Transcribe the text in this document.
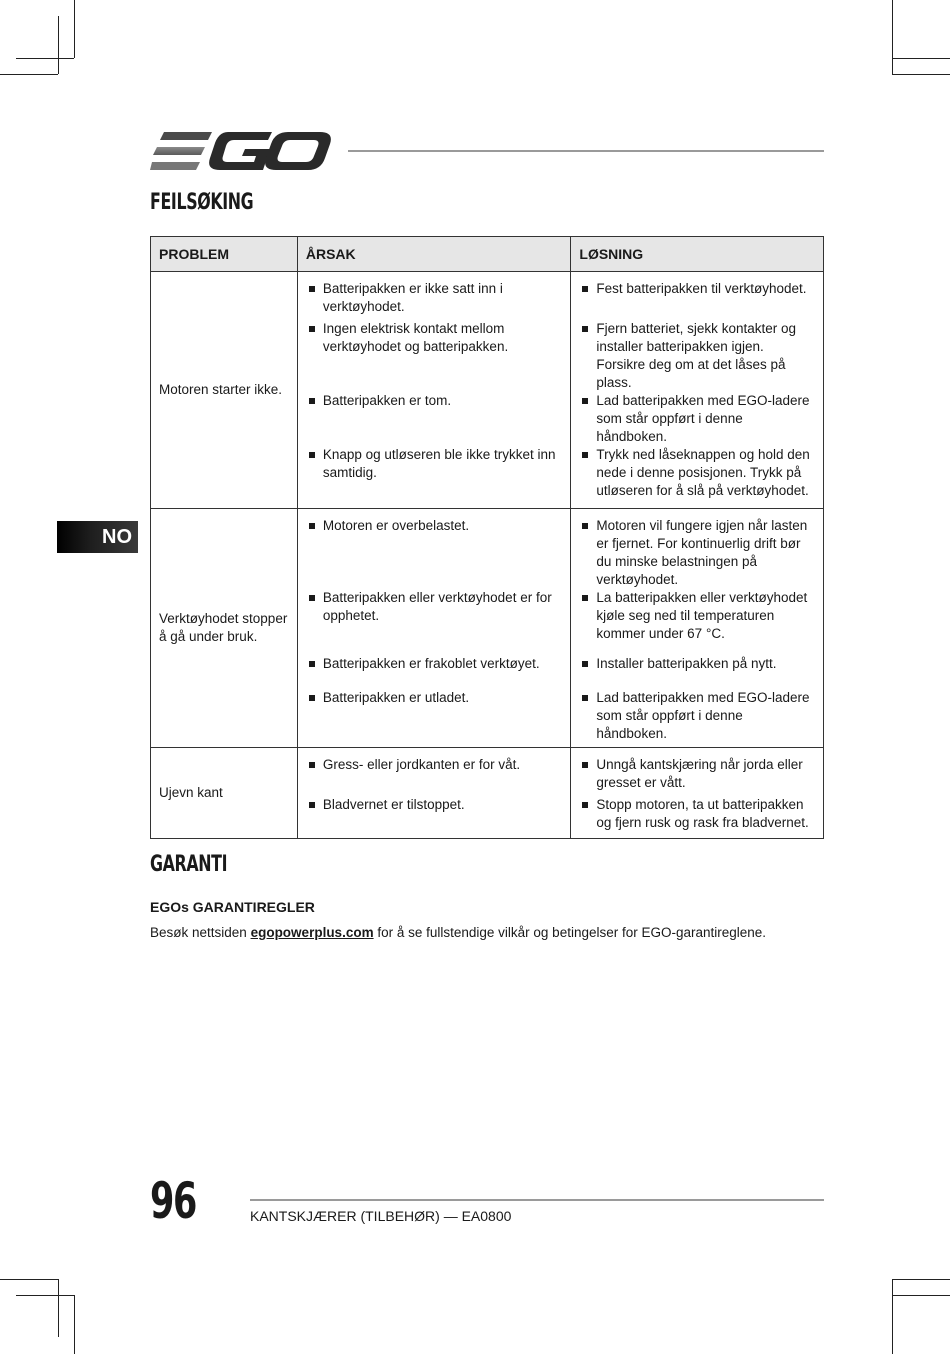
FEILSØKING
PROBLEM	ÅRSAK	LØSNING
Motoren starter ikke.	Batteripakken er ikke satt inn i verktøyhodet.	Fest batteripakken til verktøyhodet.

	Ingen elektrisk kontakt mellom verktøyhodet og batteripakken.	Fjern batteriet, sjekk kontakter og installer batteripakken igjen. Forsikre deg om at det låses på plass.

	Batteripakken er tom.	Lad batteripakken med EGO-ladere som står oppført i denne håndboken.

	Knapp og utløseren ble ikke trykket inn samtidig.	Trykk ned låseknappen og hold den nede i denne posisjonen. Trykk på utløseren for å slå på verktøyhodet.

Verktøyhodet stopper å gå under bruk.	Motoren er overbelastet.	Motoren vil fungere igjen når lasten er fjernet. For kontinuerlig drift bør du minske belastningen på verktøyhodet.

	Batteripakken eller verktøyhodet er for opphetet.	La batteripakken eller verktøyhodet kjøle seg ned til temperaturen kommer under 67 °C.

	Batteripakken er frakoblet verktøyet.	Installer batteripakken på nytt.

	Batteripakken er utladet.	Lad batteripakken med EGO-ladere som står oppført i denne håndboken.

Ujevn kant	Gress- eller jordkanten er for våt.	Unngå kantskjæring når jorda eller gresset er vått.

	Bladvernet er tilstoppet.	Stopp motoren, ta ut batteripakken og fjern rusk og rask fra bladvernet.
NO
GARANTI
EGOs GARANTIREGLER

Besøk nettsiden egopowerplus.com for å se fullstendige vilkår og betingelser for EGO-garantireglene.

96	KANTSKJÆRER (TILBEHØR) — EA0800
